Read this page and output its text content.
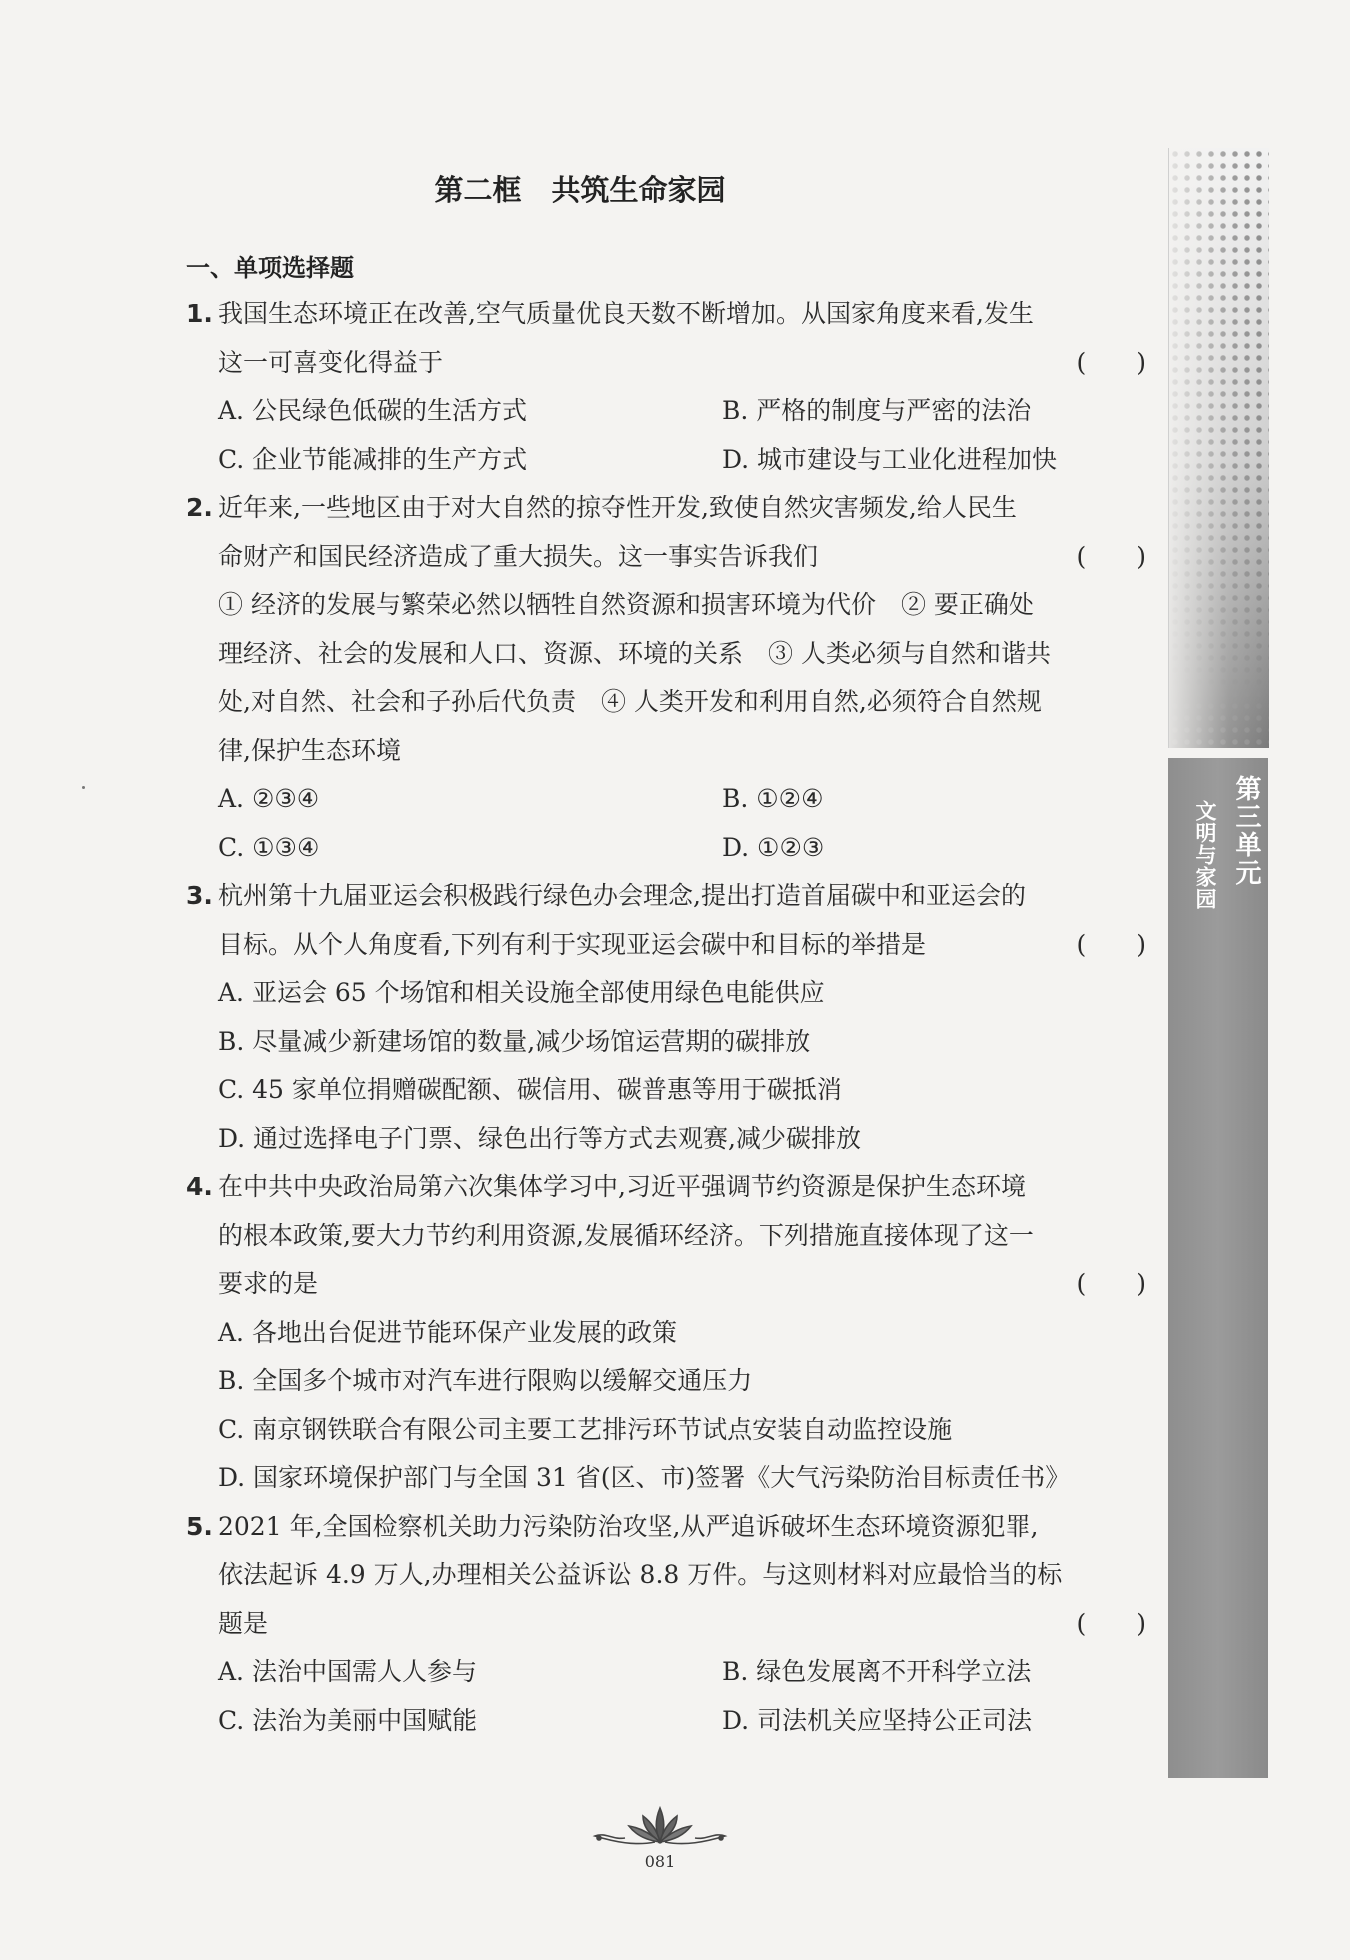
第三单元
文明与家园
第二框 共筑生命家园
一、单项选择题
1. 我国生态环境正在改善,空气质量优良天数不断增加。从国家角度来看,发生
这一可喜变化得益于	(　　)
A. 公民绿色低碳的生活方式	B. 严格的制度与严密的法治
C. 企业节能减排的生产方式	D. 城市建设与工业化进程加快
2. 近年来,一些地区由于对大自然的掠夺性开发,致使自然灾害频发,给人民生
命财产和国民经济造成了重大损失。这一事实告诉我们	(　　)
① 经济的发展与繁荣必然以牺牲自然资源和损害环境为代价　② 要正确处
理经济、社会的发展和人口、资源、环境的关系　③ 人类必须与自然和谐共
处,对自然、社会和子孙后代负责　④ 人类开发和利用自然,必须符合自然规
律,保护生态环境
A. ②③④	B. ①②④
C. ①③④	D. ①②③
3. 杭州第十九届亚运会积极践行绿色办会理念,提出打造首届碳中和亚运会的
目标。从个人角度看,下列有利于实现亚运会碳中和目标的举措是	(　　)
A. 亚运会 65 个场馆和相关设施全部使用绿色电能供应
B. 尽量减少新建场馆的数量,减少场馆运营期的碳排放
C. 45 家单位捐赠碳配额、碳信用、碳普惠等用于碳抵消
D. 通过选择电子门票、绿色出行等方式去观赛,减少碳排放
4. 在中共中央政治局第六次集体学习中,习近平强调节约资源是保护生态环境
的根本政策,要大力节约利用资源,发展循环经济。下列措施直接体现了这一
要求的是	(　　)
A. 各地出台促进节能环保产业发展的政策
B. 全国多个城市对汽车进行限购以缓解交通压力
C. 南京钢铁联合有限公司主要工艺排污环节试点安装自动监控设施
D. 国家环境保护部门与全国 31 省(区、市)签署《大气污染防治目标责任书》
5. 2021 年,全国检察机关助力污染防治攻坚,从严追诉破坏生态环境资源犯罪,
依法起诉 4.9 万人,办理相关公益诉讼 8.8 万件。与这则材料对应最恰当的标
题是	(　　)
A. 法治中国需人人参与	B. 绿色发展离不开科学立法
C. 法治为美丽中国赋能	D. 司法机关应坚持公正司法
081
